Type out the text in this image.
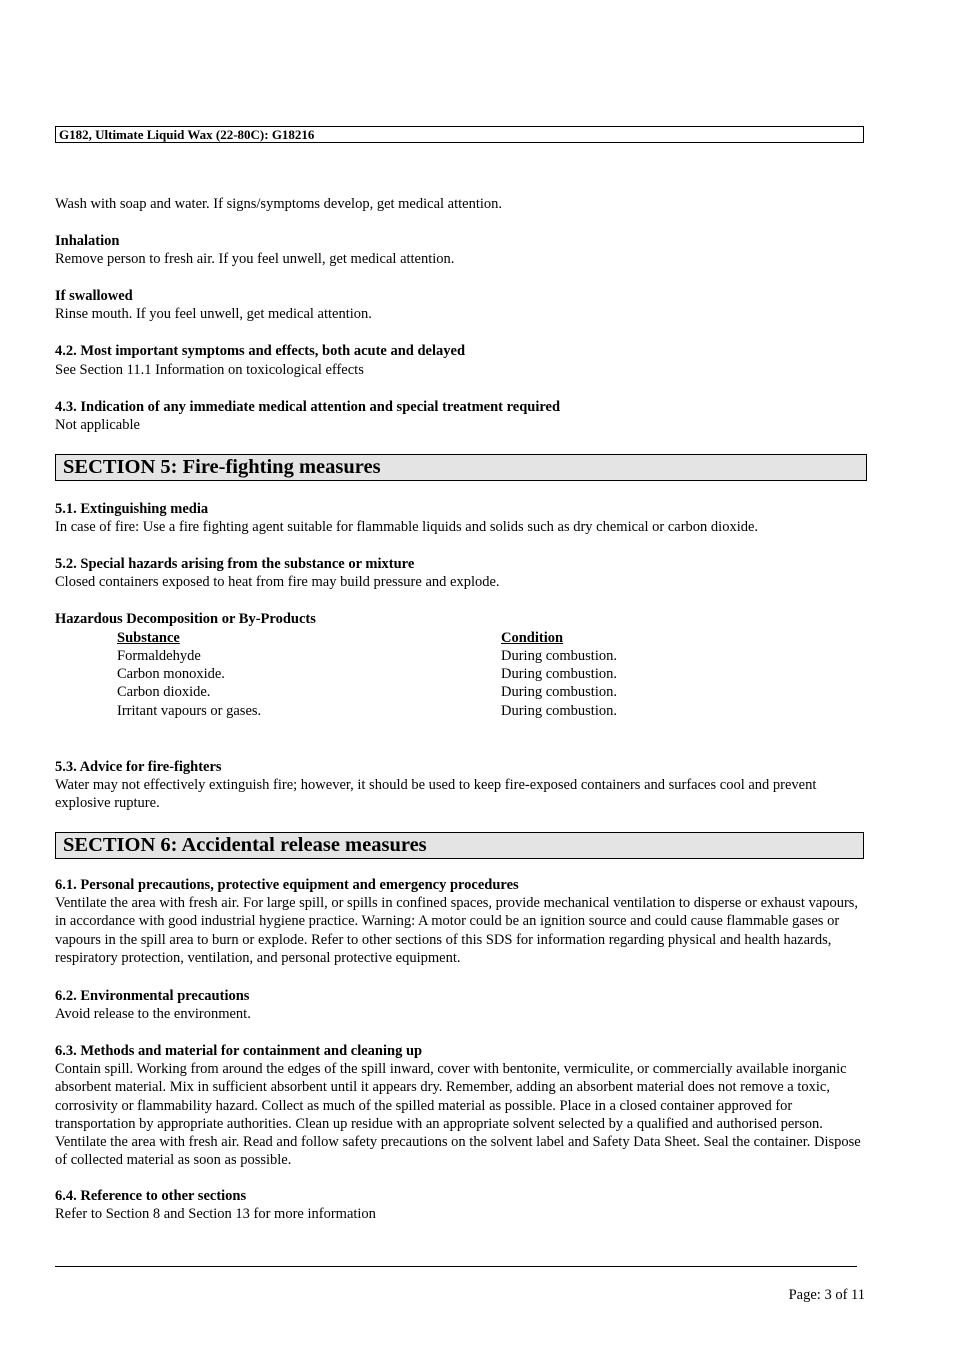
G182, Ultimate Liquid Wax (22-80C): G18216
Wash with soap and water. If signs/symptoms develop, get medical attention.
Inhalation
Remove person to fresh air. If you feel unwell, get medical attention.
If swallowed
Rinse mouth. If you feel unwell, get medical attention.
4.2. Most important symptoms and effects, both acute and delayed
See Section 11.1 Information on toxicological effects
4.3. Indication of any immediate medical attention and special treatment required
Not applicable
SECTION 5: Fire-fighting measures
5.1. Extinguishing media
In case of fire: Use a fire fighting agent suitable for flammable liquids and solids such as dry chemical or carbon dioxide.
5.2. Special hazards arising from the substance or mixture
Closed containers exposed to heat from fire may build pressure and explode.
Hazardous Decomposition or By-Products
Substance	Condition
Formaldehyde	During combustion.
Carbon monoxide.	During combustion.
Carbon dioxide.	During combustion.
Irritant vapours or gases.	During combustion.
5.3. Advice for fire-fighters
Water may not effectively extinguish fire; however, it should be used to keep fire-exposed containers and surfaces cool and prevent explosive rupture.
SECTION 6: Accidental release measures
6.1. Personal precautions, protective equipment and emergency procedures
Ventilate the area with fresh air. For large spill, or spills in confined spaces, provide mechanical ventilation to disperse or exhaust vapours, in accordance with good industrial hygiene practice. Warning: A motor could be an ignition source and could cause flammable gases or vapours in the spill area to burn or explode. Refer to other sections of this SDS for information regarding physical and health hazards, respiratory protection, ventilation, and personal protective equipment.
6.2. Environmental precautions
Avoid release to the environment.
6.3. Methods and material for containment and cleaning up
Contain spill. Working from around the edges of the spill inward, cover with bentonite, vermiculite, or commercially available inorganic absorbent material. Mix in sufficient absorbent until it appears dry. Remember, adding an absorbent material does not remove a toxic, corrosivity or flammability hazard. Collect as much of the spilled material as possible. Place in a closed container approved for transportation by appropriate authorities. Clean up residue with an appropriate solvent selected by a qualified and authorised person. Ventilate the area with fresh air. Read and follow safety precautions on the solvent label and Safety Data Sheet. Seal the container. Dispose of collected material as soon as possible.
6.4. Reference to other sections
Refer to Section 8 and Section 13 for more information
Page: 3 of 11
